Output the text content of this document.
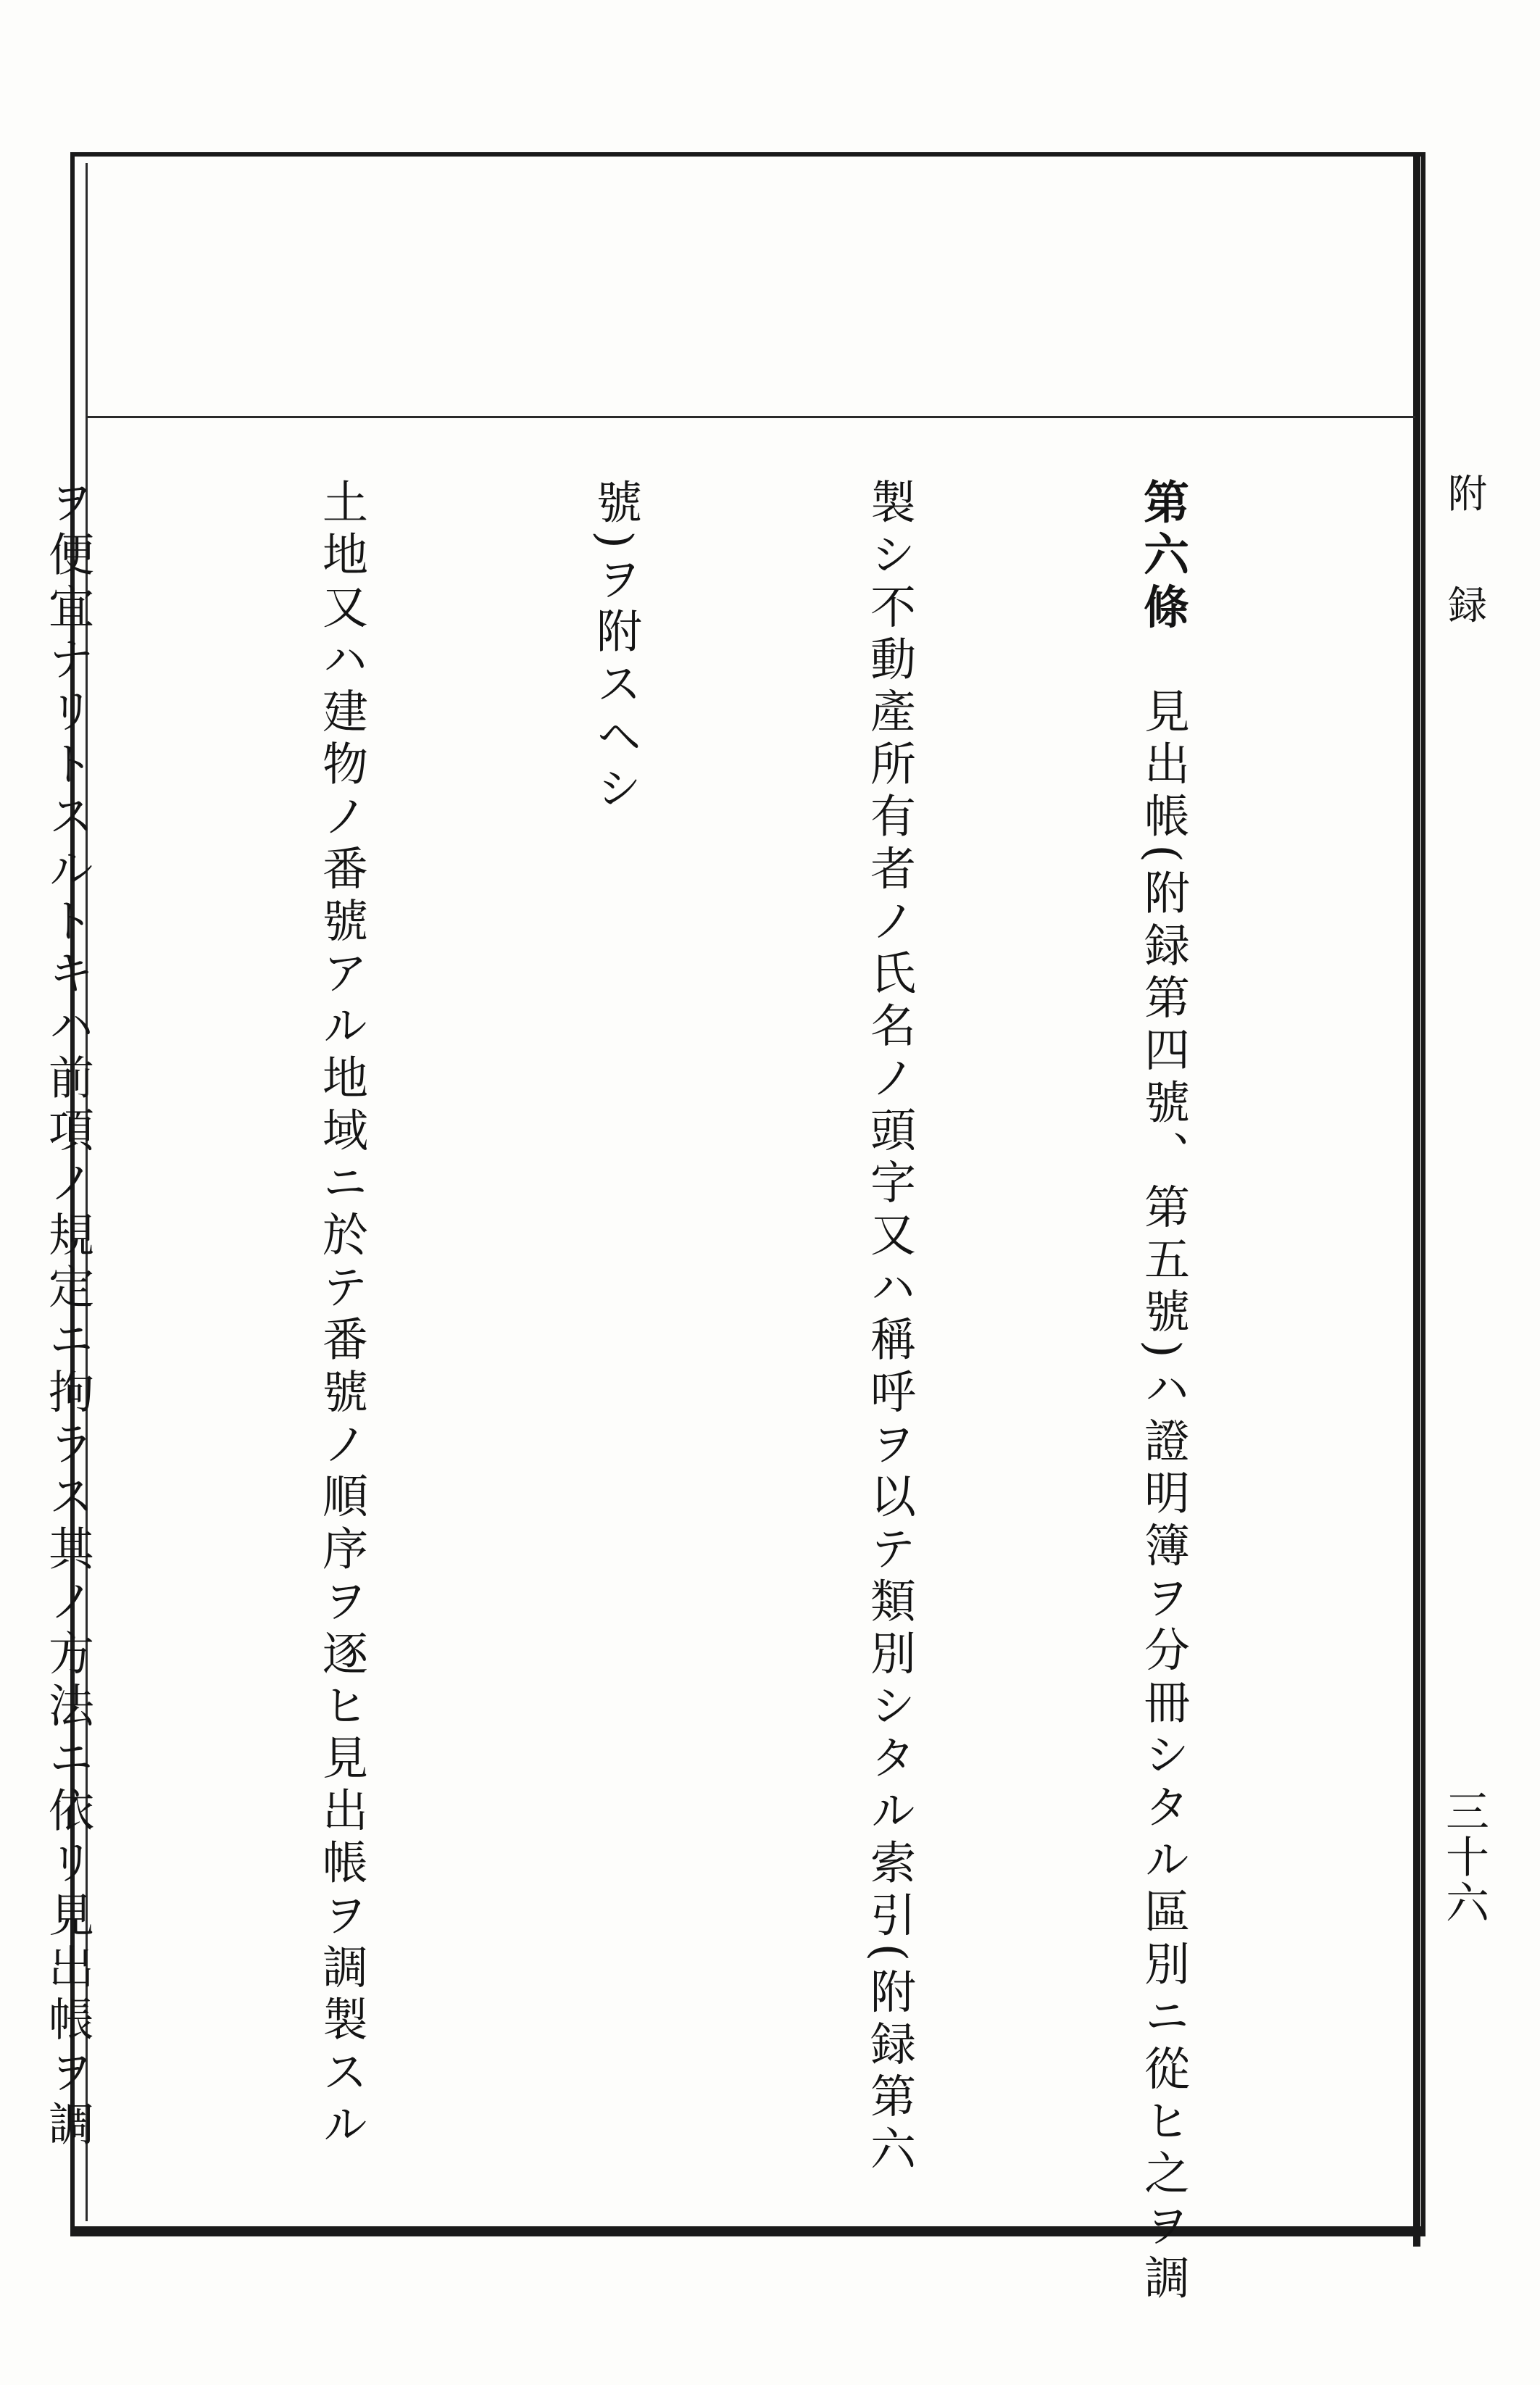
附
録
三
十
六

第六條　見出帳(附録第四號、第五號)ハ證明簿ヲ分冊シタル區別ニ從ヒ之ヲ調

製シ不動產所有者ノ氏名ノ頭字又ハ稱呼ヲ以テ類別シタル索引(附録第六

號)ヲ附スヘシ

土地又ハ建物ノ番號アル地域ニ於テ番號ノ順序ヲ逐ヒ見出帳ヲ調製スル

ヲ便宜ナリトスルトキハ前項ノ規定ニ拘ラス其ノ方法ニ依リ見出帳ヲ調
